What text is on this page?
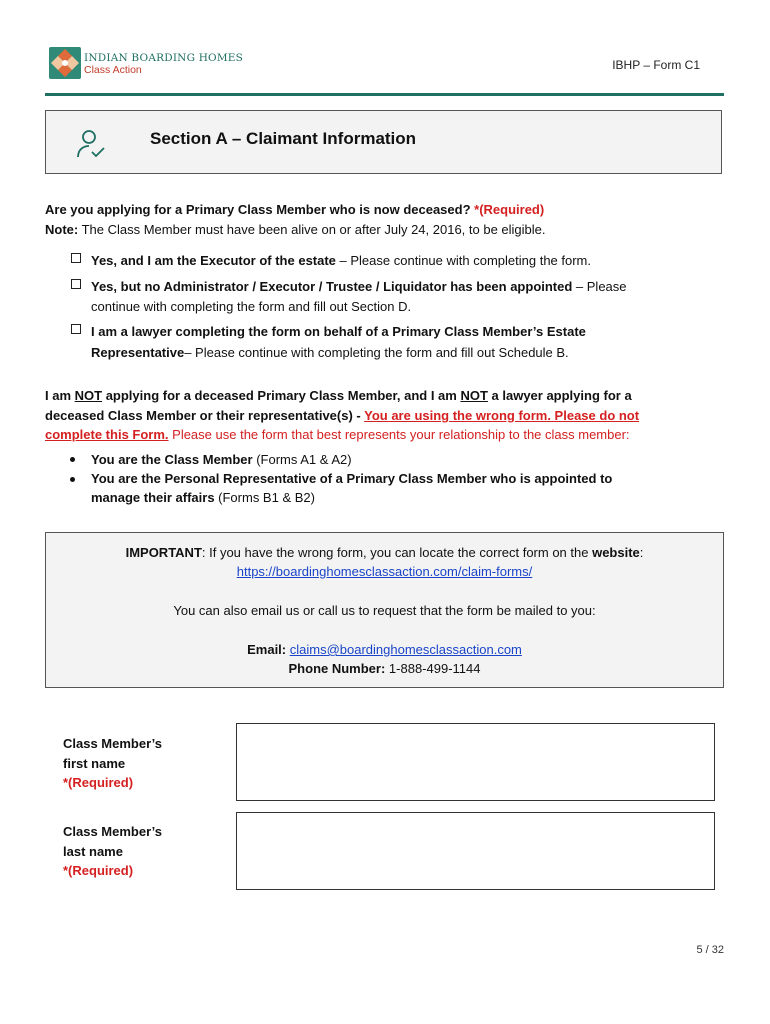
INDIAN BOARDING HOMES
Class Action	IBHP – Form C1
Section A – Claimant Information
Are you applying for a Primary Class Member who is now deceased? *(Required)
Note: The Class Member must have been alive on or after July 24, 2016, to be eligible.
Yes, and I am the Executor of the estate – Please continue with completing the form.
Yes, but no Administrator / Executor / Trustee / Liquidator has been appointed – Please
continue with completing the form and fill out Section D.
I am a lawyer completing the form on behalf of a Primary Class Member’s Estate
Representative– Please continue with completing the form and fill out Schedule B.
I am NOT applying for a deceased Primary Class Member, and I am NOT a lawyer applying for a
deceased Class Member or their representative(s) - You are using the wrong form. Please do not
complete this Form. Please use the form that best represents your relationship to the class member:
You are the Class Member (Forms A1 & A2)
You are the Personal Representative of a Primary Class Member who is appointed to
manage their affairs (Forms B1 & B2)
IMPORTANT: If you have the wrong form, you can locate the correct form on the website:
https://boardinghomesclassaction.com/claim-forms/
You can also email us or call us to request that the form be mailed to you:
Email: claims@boardinghomesclassaction.com
Phone Number: 1-888-499-1144
Class Member’s
first name
*(Required)
Class Member’s
last name
*(Required)
5 / 32
